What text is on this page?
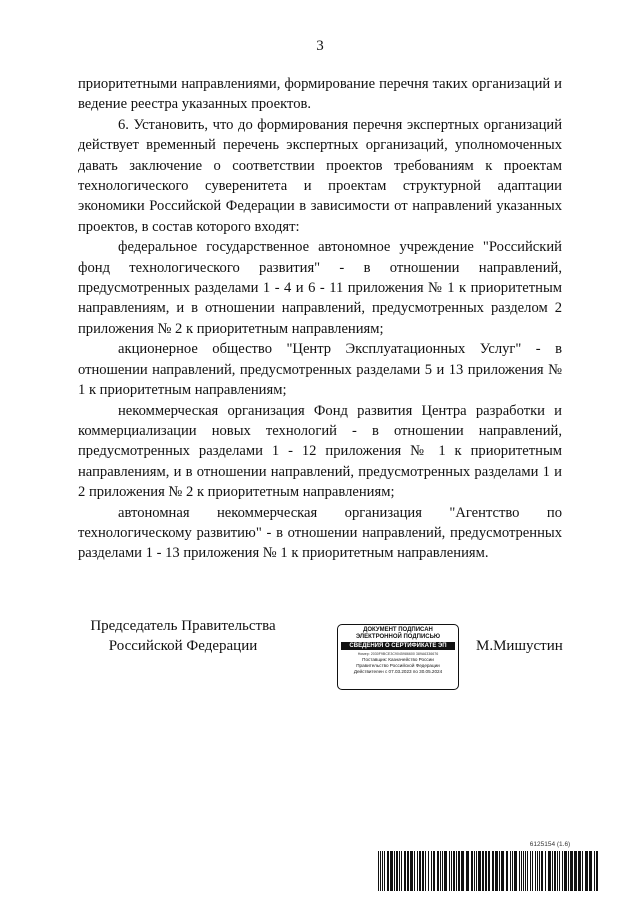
3

приоритетными направлениями, формирование перечня таких организаций и ведение реестра указанных проектов.

6. Установить, что до формирования перечня экспертных организаций действует временный перечень экспертных организаций, уполномоченных давать заключение о соответствии проектов требованиям к проектам технологического суверенитета и проектам структурной адаптации экономики Российской Федерации в зависимости от направлений указанных проектов, в состав которого входят:

федеральное государственное автономное учреждение "Российский фонд технологического развития" - в отношении направлений, предусмотренных разделами 1 - 4 и 6 - 11 приложения № 1 к приоритетным направлениям, и в отношении направлений, предусмотренных разделом 2 приложения № 2 к приоритетным направлениям;

акционерное общество "Центр Эксплуатационных Услуг" - в отношении направлений, предусмотренных разделами 5 и 13 приложения № 1 к приоритетным направлениям;

некоммерческая организация Фонд развития Центра разработки и коммерциализации новых технологий - в отношении направлений, предусмотренных разделами 1 - 12 приложения № 1 к приоритетным направлениям, и в отношении направлений, предусмотренных разделами 1 и 2 приложения № 2 к приоритетным направлениям;

автономная некоммерческая организация "Агентство по технологическому развитию" - в отношении направлений, предусмотренных разделами 1 - 13 приложения № 1 к приоритетным направлениям.

Председатель Правительства
Российской Федерации
ДОКУМЕНТ ПОДПИСАН
ЭЛЕКТРОННОЙ ПОДПИСЬЮ
СВЕДЕНИЯ О СЕРТИФИКАТЕ ЭП
Номер: 2030F9BCE3C9045986600 389A6336676
Поставщик: Казначейство России
Правительство Российской Федерации
Действителен с 07.03.2023 по 30.05.2024
М.Мишустин
6125154 (1.6)
